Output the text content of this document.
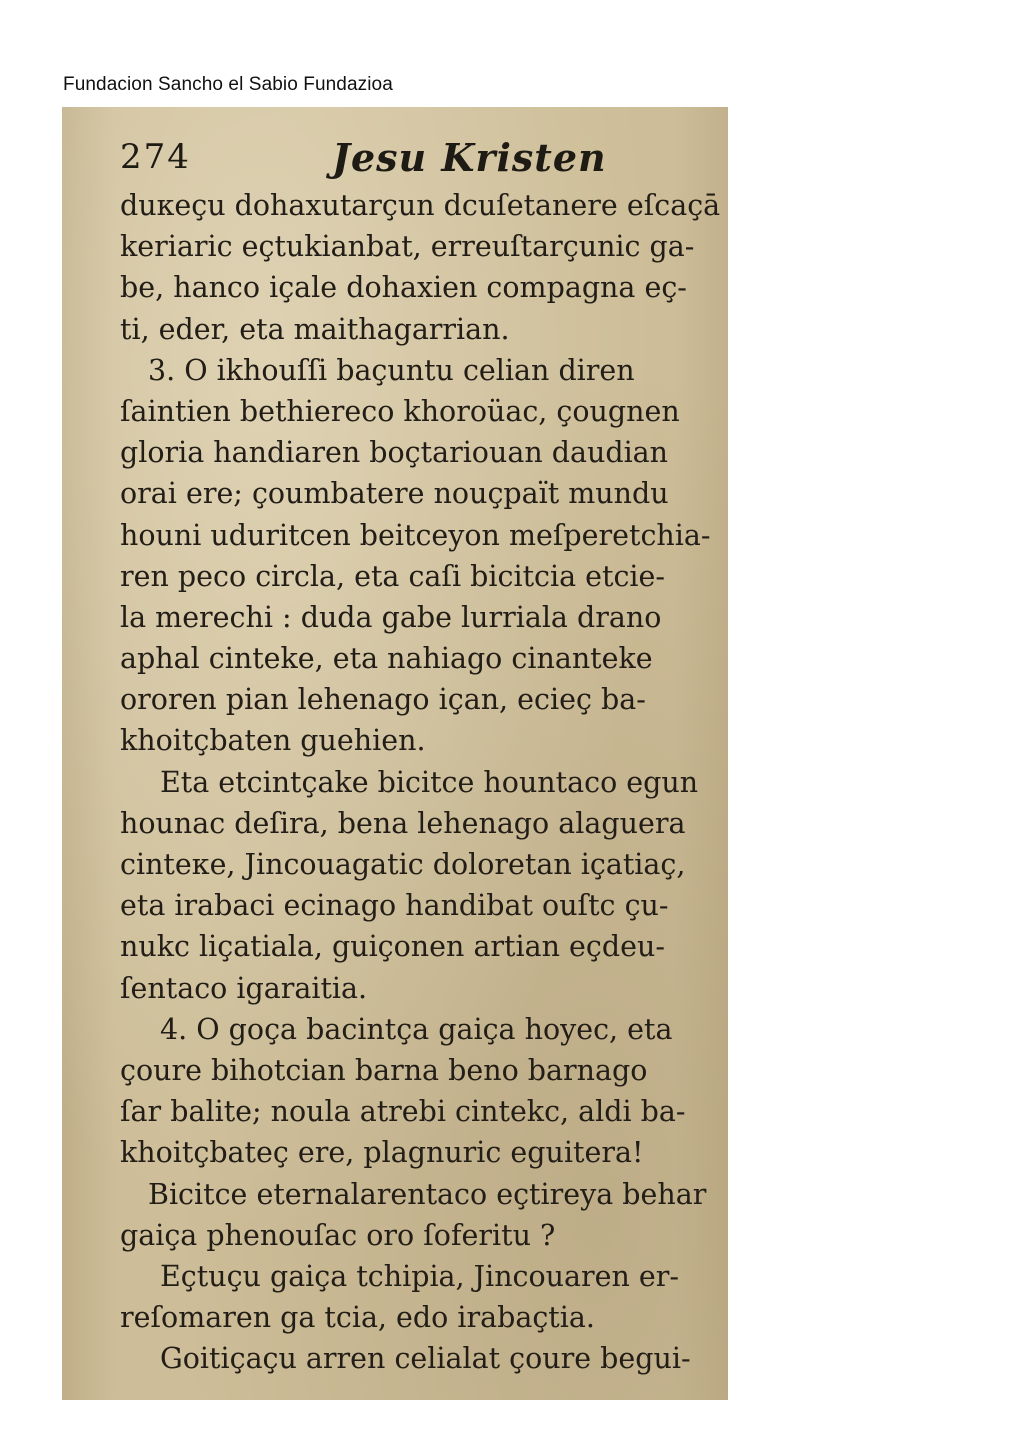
Fundacion Sancho el Sabio Fundazioa
274	Jesu Kristen
duкeçu dohaxutarçun dcuſetanere eſcaçā
keriaric eçtukianbat, erreuſtarçunic ga-
be, hanco içale dohaxien compagna eç-
ti, eder, eta maithagarrian.
3. O ikhouſſi baçuntu celian diren
ſaintien bethiereco khoroüac, çougnen
gloria handiaren boçtariouan daudian
orai ere; çoumbatere nouçpaït mundu
houni uduritcen beitceyon meſperetchia-
ren peco circla, eta caſi bicitcia etcie-
la merechi : duda gabe lurriala drano
aphal cinteke, eta nahiago cinanteke
ororen pian lehenago içan, ecieç ba-
khoitçbaten guehien.
Eta etcintçake bicitce hountaco egun
hounac deſira, bena lehenago alaguera
cinteкe, Jincouagatic doloretan içatiaç,
eta irabaci ecinago handibat ouſtc çu-
nukc liçatiala, guiçonen artian eçdeu-
ſentaco igaraitia.
4. O goça bacintça gaiça hoyec, eta
çoure bihotcian barna beno barnago
ſar balite; noula atrebi cintekc, aldi ba-
khoitçbateç ere, plagnuric eguitera!
Bicitce eternalarentaco eçtireya behar
gaiça phenouſac oro ſoferitu ?
Eçtuçu gaiça tchipia, Jincouaren er-
reſomaren ga tcia, edo irabaçtia.
Goitiçaçu arren celialat çoure begui-
